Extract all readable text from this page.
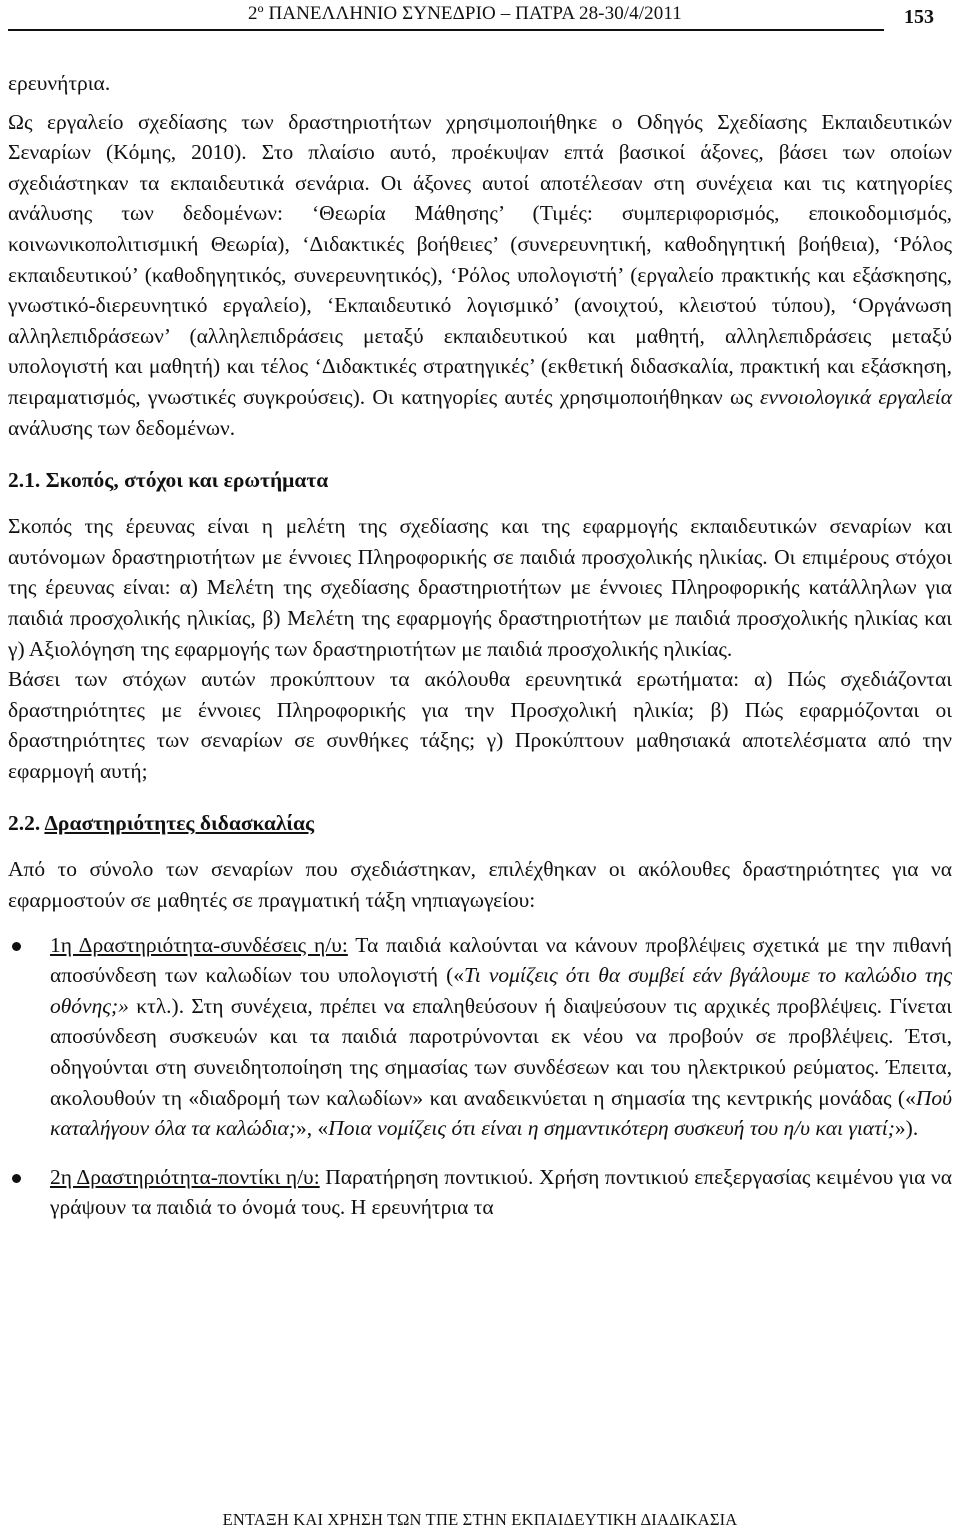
2º ΠΑΝΕΛΛΗΝΙΟ ΣΥΝΕΔΡΙΟ – ΠΑΤΡΑ 28-30/4/2011	153

ερευνήτρια.

Ως εργαλείο σχεδίασης των δραστηριοτήτων χρησιμοποιήθηκε ο Οδηγός Σχεδίασης Εκπαιδευτικών Σεναρίων (Κόμης, 2010). Στο πλαίσιο αυτό, προέκυψαν επτά βασικοί άξονες, βάσει των οποίων σχεδιάστηκαν τα εκπαιδευτικά σενάρια. Οι άξονες αυτοί αποτέλεσαν στη συνέχεια και τις κατηγορίες ανάλυσης των δεδομένων: ‘Θεωρία Μάθησης’ (Τιμές: συμπεριφορισμός, εποικοδομισμός, κοινωνικοπολιτισμική Θεωρία), ‘Διδακτικές βοήθειες’ (συνερευνητική, καθοδηγητική βοήθεια), ‘Ρόλος εκπαιδευτικού’ (καθοδηγητικός, συνερευνητικός), ‘Ρόλος υπολογιστή’ (εργαλείο πρακτικής και εξάσκησης, γνωστικό-διερευνητικό εργαλείο), ‘Εκπαιδευτικό λογισμικό’ (ανοιχτού, κλειστού τύπου), ‘Οργάνωση αλληλεπιδράσεων’ (αλληλεπιδράσεις μεταξύ εκπαιδευτικού και μαθητή, αλληλεπιδράσεις μεταξύ υπολογιστή και μαθητή) και τέλος ‘Διδακτικές στρατηγικές’ (εκθετική διδασκαλία, πρακτική και εξάσκηση, πειραματισμός, γνωστικές συγκρούσεις). Οι κατηγορίες αυτές χρησιμοποιήθηκαν ως εννοιολογικά εργαλεία ανάλυσης των δεδομένων.

2.1. Σκοπός, στόχοι και ερωτήματα

Σκοπός της έρευνας είναι η μελέτη της σχεδίασης και της εφαρμογής εκπαιδευτικών σεναρίων και αυτόνομων δραστηριοτήτων με έννοιες Πληροφορικής σε παιδιά προσχολικής ηλικίας. Οι επιμέρους στόχοι της έρευνας είναι: α) Μελέτη της σχεδίασης δραστηριοτήτων με έννοιες Πληροφορικής κατάλληλων για παιδιά προσχολικής ηλικίας, β) Μελέτη της εφαρμογής δραστηριοτήτων με παιδιά προσχολικής ηλικίας και γ) Αξιολόγηση της εφαρμογής των δραστηριοτήτων με παιδιά προσχολικής ηλικίας.

Βάσει των στόχων αυτών προκύπτουν τα ακόλουθα ερευνητικά ερωτήματα: α) Πώς σχεδιάζονται δραστηριότητες με έννοιες Πληροφορικής για την Προσχολική ηλικία; β) Πώς εφαρμόζονται οι δραστηριότητες των σεναρίων σε συνθήκες τάξης; γ) Προκύπτουν μαθησιακά αποτελέσματα από την εφαρμογή αυτή;

2.2. Δραστηριότητες διδασκαλίας

Από το σύνολο των σεναρίων που σχεδιάστηκαν, επιλέχθηκαν οι ακόλουθες δραστηριότητες για να εφαρμοστούν σε μαθητές σε πραγματική τάξη νηπιαγωγείου:

1η Δραστηριότητα-συνδέσεις η/υ: Τα παιδιά καλούνται να κάνουν προβλέψεις σχετικά με την πιθανή αποσύνδεση των καλωδίων του υπολογιστή («Τι νομίζεις ότι θα συμβεί εάν βγάλουμε το καλώδιο της οθόνης;» κτλ.). Στη συνέχεια, πρέπει να επαληθεύσουν ή διαψεύσουν τις αρχικές προβλέψεις. Γίνεται αποσύνδεση συσκευών και τα παιδιά παροτρύνονται εκ νέου να προβούν σε προβλέψεις. Έτσι, οδηγούνται στη συνειδητοποίηση της σημασίας των συνδέσεων και του ηλεκτρικού ρεύματος. Έπειτα, ακολουθούν τη «διαδρομή των καλωδίων» και αναδεικνύεται η σημασία της κεντρικής μονάδας («Πού καταλήγουν όλα τα καλώδια;», «Ποια νομίζεις ότι είναι η σημαντικότερη συσκευή του η/υ και γιατί;»).
2η Δραστηριότητα-ποντίκι η/υ: Παρατήρηση ποντικιού. Χρήση ποντικιού επεξεργασίας κειμένου για να γράψουν τα παιδιά το όνομά τους. Η ερευνήτρια τα
ΕΝΤΑΞΗ ΚΑΙ ΧΡΗΣΗ ΤΩΝ ΤΠΕ ΣΤΗΝ ΕΚΠΑΙΔΕΥΤΙΚΗ ΔΙΑΔΙΚΑΣΙΑ
